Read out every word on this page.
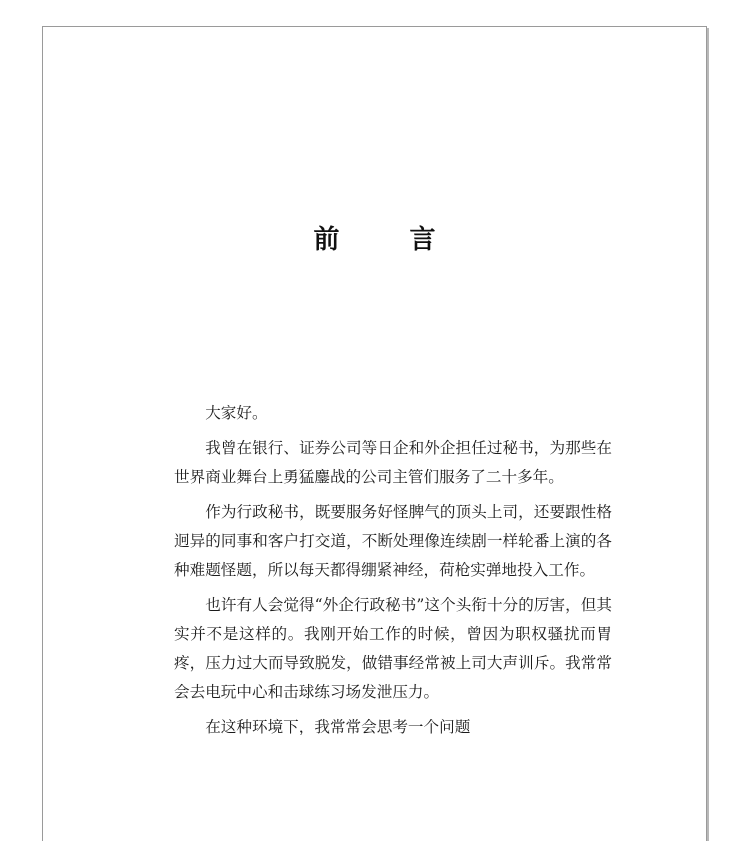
前　言

大家好。

我曾在银行、证券公司等日企和外企担任过秘书，为那些在世界商业舞台上勇猛鏖战的公司主管们服务了二十多年。

作为行政秘书，既要服务好怪脾气的顶头上司，还要跟性格迥异的同事和客户打交道，不断处理像连续剧一样轮番上演的各种难题怪题，所以每天都得绷紧神经，荷枪实弹地投入工作。

也许有人会觉得“外企行政秘书”这个头衔十分的厉害，但其实并不是这样的。我刚开始工作的时候，曾因为职权骚扰而胃疼，压力过大而导致脱发，做错事经常被上司大声训斥。我常常会去电玩中心和击球练习场发泄压力。

在这种环境下，我常常会思考一个问题
